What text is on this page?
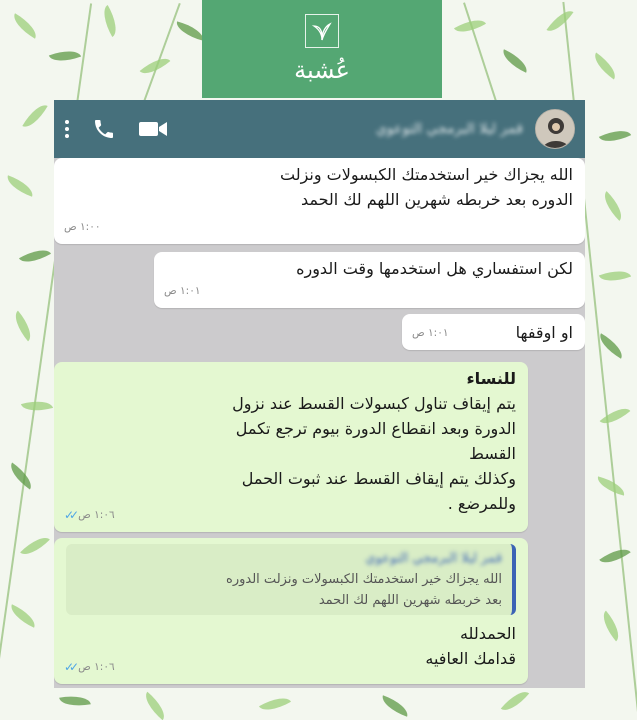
عُشبة
قمر ليلا البرمجي التوعوي
الله يجزاك خير استخدمتك الكبسولات ونزلت
الدوره بعد خربطه شهرين اللهم لك الحمد
١:٠٠ ص
لكن استفساري هل استخدمها وقت الدوره
١:٠١ ص
او اوقفها
١:٠١ ص
للنساء
يتم إيقاف تناول كبسولات القسط عند نزول
الدورة وبعد انقطاع الدورة بيوم ترجع تكمل
القسط
وكذلك يتم إيقاف القسط عند ثبوت الحمل
وللمرضع .
١:٠٦ ص
✓✓
قمر ليلا البرمجي التوعوي
الله يجزاك خير استخدمتك الكبسولات ونزلت الدوره
بعد خربطه شهرين اللهم لك الحمد
الحمدلله
قدامك العافيه
١:٠٦ ص
✓✓
